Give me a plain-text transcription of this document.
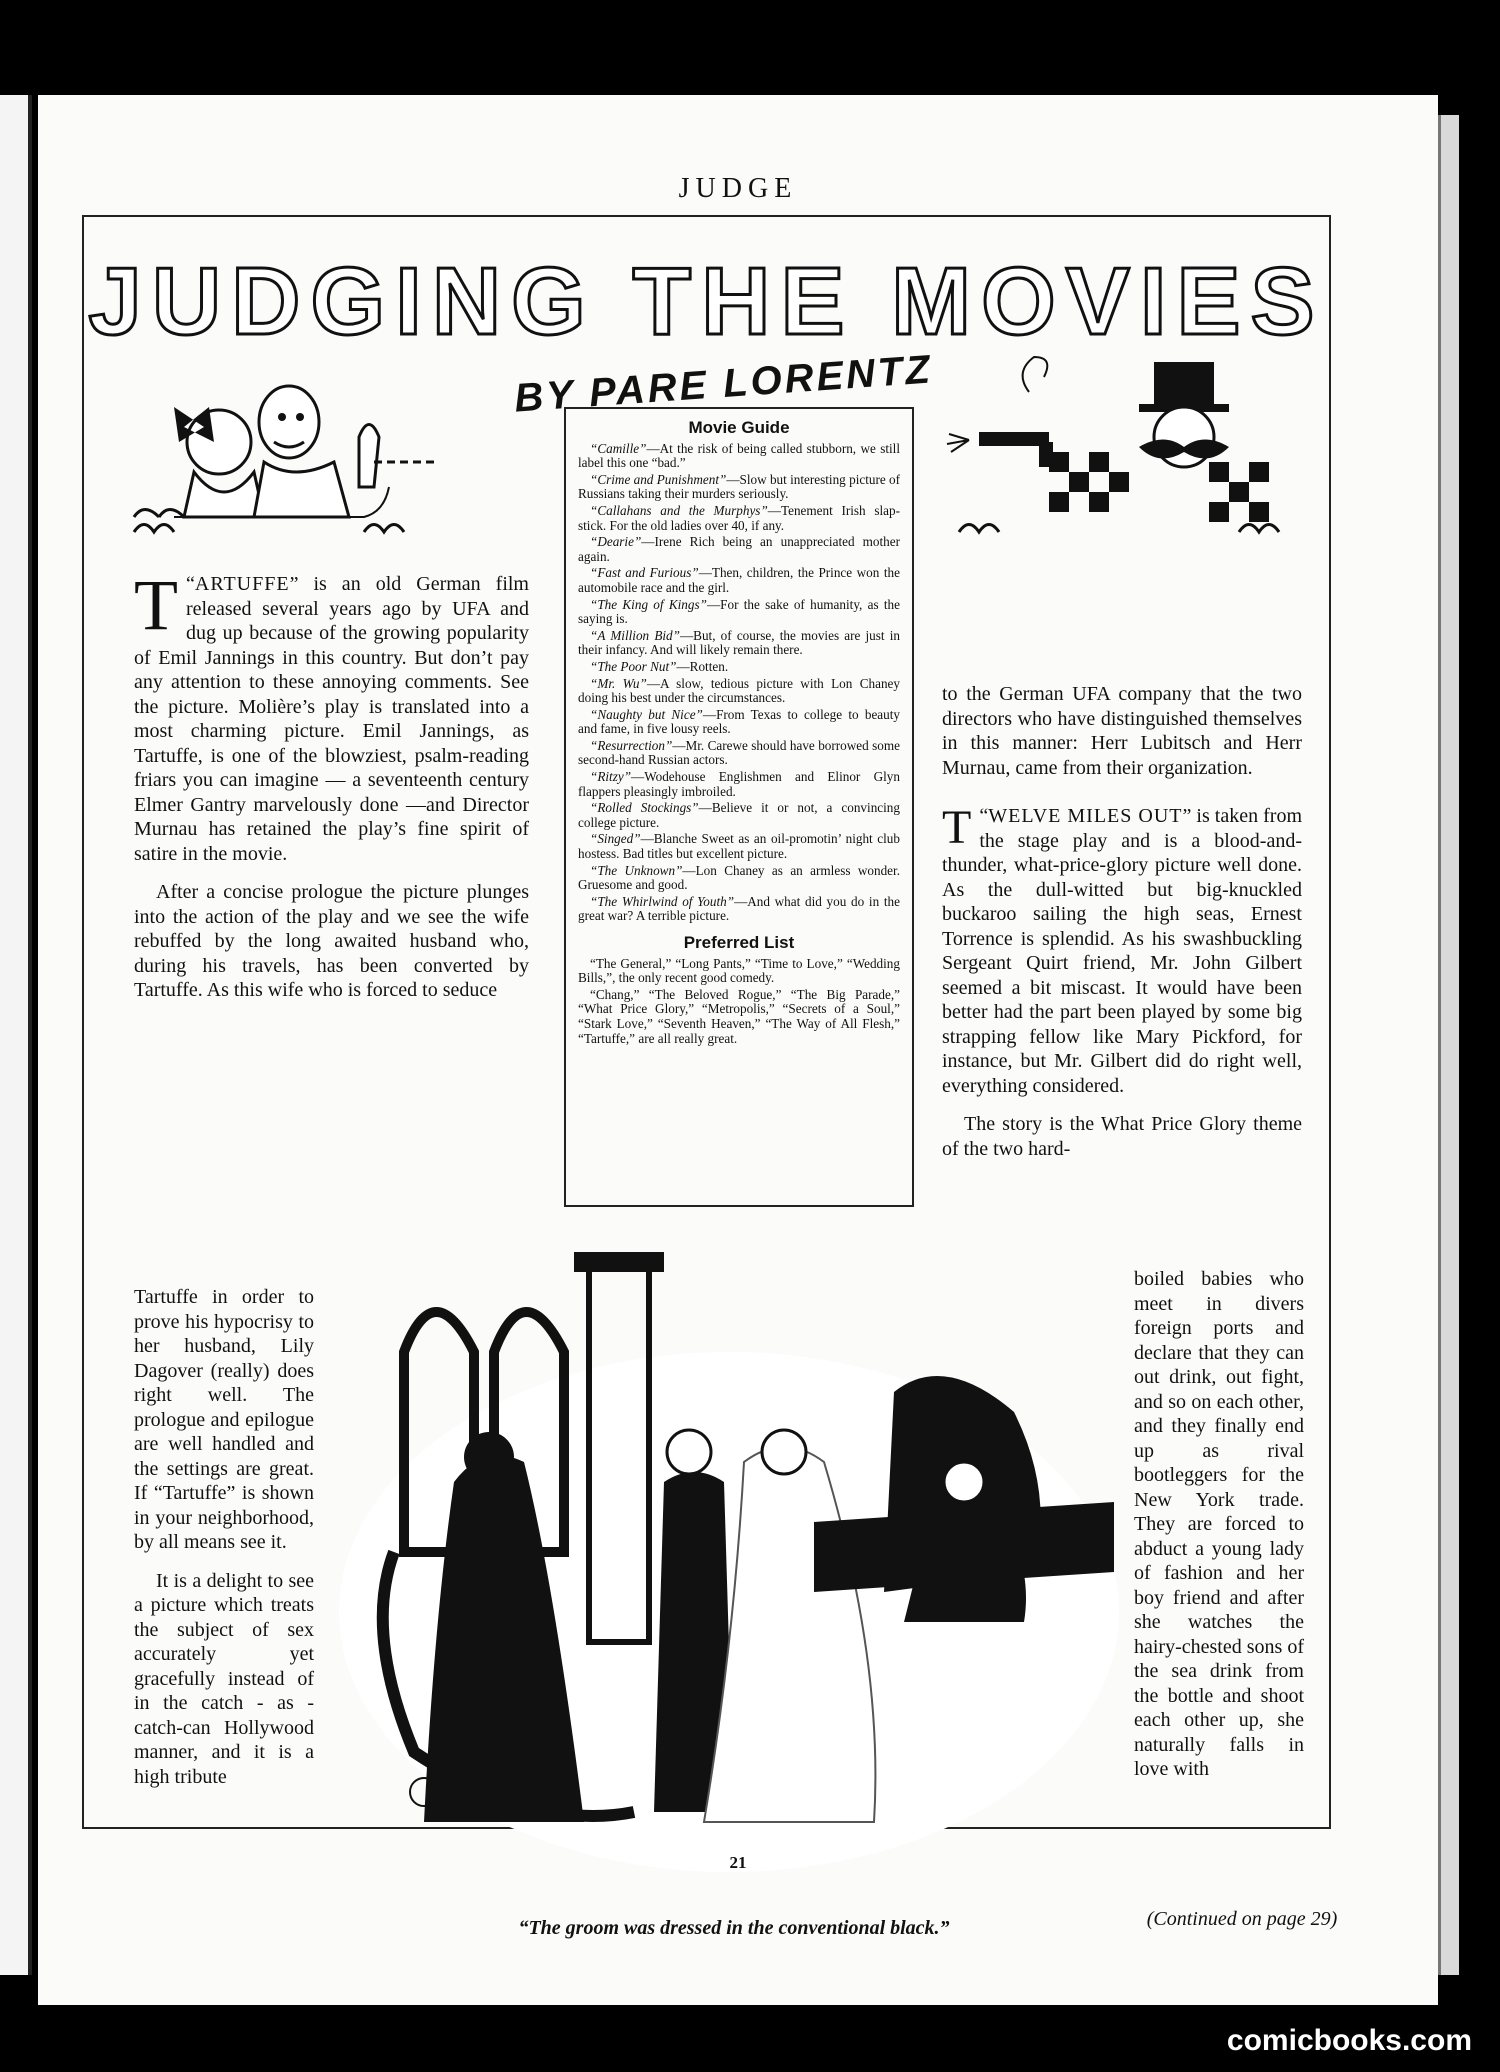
JUDGE
JUDGING THE MOVIES
BY PARE LORENTZ
Movie Guide

“Camille”—At the risk of being called stubborn, we still label this one “bad.”

“Crime and Punishment”—Slow but interesting picture of Russians taking their murders seriously.

“Callahans and the Murphys”—Tenement Irish slap-stick. For the old ladies over 40, if any.

“Dearie”—Irene Rich being an unappreciated mother again.

“Fast and Furious”—Then, children, the Prince won the automobile race and the girl.

“The King of Kings”—For the sake of humanity, as the saying is.

“A Million Bid”—But, of course, the movies are just in their infancy. And will likely remain there.

“The Poor Nut”—Rotten.

“Mr. Wu”—A slow, tedious picture with Lon Chaney doing his best under the circumstances.

“Naughty but Nice”—From Texas to college to beauty and fame, in five lousy reels.

“Resurrection”—Mr. Carewe should have borrowed some second-hand Russian actors.

“Ritzy”—Wodehouse Englishmen and Elinor Glyn flappers pleasingly imbroiled.

“Rolled Stockings”—Believe it or not, a convincing college picture.

“Singed”—Blanche Sweet as an oil-promotin’ night club hostess. Bad titles but excellent picture.

“The Unknown”—Lon Chaney as an armless wonder. Gruesome and good.

“The Whirlwind of Youth”—And what did you do in the great war? A terrible picture.

Preferred List

“The General,” “Long Pants,” “Time to Love,” “Wedding Bills,”, the only recent good comedy.

“Chang,” “The Beloved Rogue,” “The Big Parade,” “What Price Glory,” “Metropolis,” “Secrets of a Soul,” “Stark Love,” “Seventh Heaven,” “The Way of All Flesh,” “Tartuffe,” are all really great.

“
T ARTUFFE” is an old German film released several years ago by UFA and dug up because of the growing popularity of Emil Jannings in this country. But don’t pay any attention to these annoying comments. See the picture. Molière’s play is translated into a most charming picture. Emil Jannings, as Tartuffe, is one of the blowziest, psalm-reading friars you can imagine — a seventeenth century Elmer Gantry marvelously done —and Director Murnau has retained the play’s fine spirit of satire in the movie.

After a concise prologue the picture plunges into the action of the play and we see the wife rebuffed by the long awaited husband who, during his travels, has been converted by Tartuffe. As this wife who is forced to seduce

Tartuffe in order to prove his hypocrisy to her husband, Lily Dagover (really) does right well. The prologue and epilogue are well handled and the settings are great. If “Tartuffe” is shown in your neighborhood, by all means see it.

It is a delight to see a picture which treats the subject of sex accurately yet gracefully instead of in the catch - as - catch-can Hollywood manner, and it is a high tribute

to the German UFA company that the two directors who have distinguished themselves in this manner: Herr Lubitsch and Herr Murnau, came from their organization.

“
T WELVE MILES OUT” is taken from the stage play and is a blood-and-thunder, what-price-glory picture well done. As the dull-witted but big-knuckled buckaroo sailing the high seas, Ernest Torrence is splendid. As his swashbuckling Sergeant Quirt friend, Mr. John Gilbert seemed a bit miscast. It would have been better had the part been played by some big strapping fellow like Mary Pickford, for instance, but Mr. Gilbert did do right well, everything considered.

The story is the What Price Glory theme of the two hard-

boiled babies who meet in divers foreign ports and declare that they can out drink, out fight, and so on each other, and they finally end up as rival bootleggers for the New York trade. They are forced to abduct a young lady of fashion and her boy friend and after she watches the hairy-chested sons of the sea drink from the bottle and shoot each other up, she naturally falls in love with

“The groom was dressed in the conventional black.”	(Continued on page 29)
21
comicbooks.com
